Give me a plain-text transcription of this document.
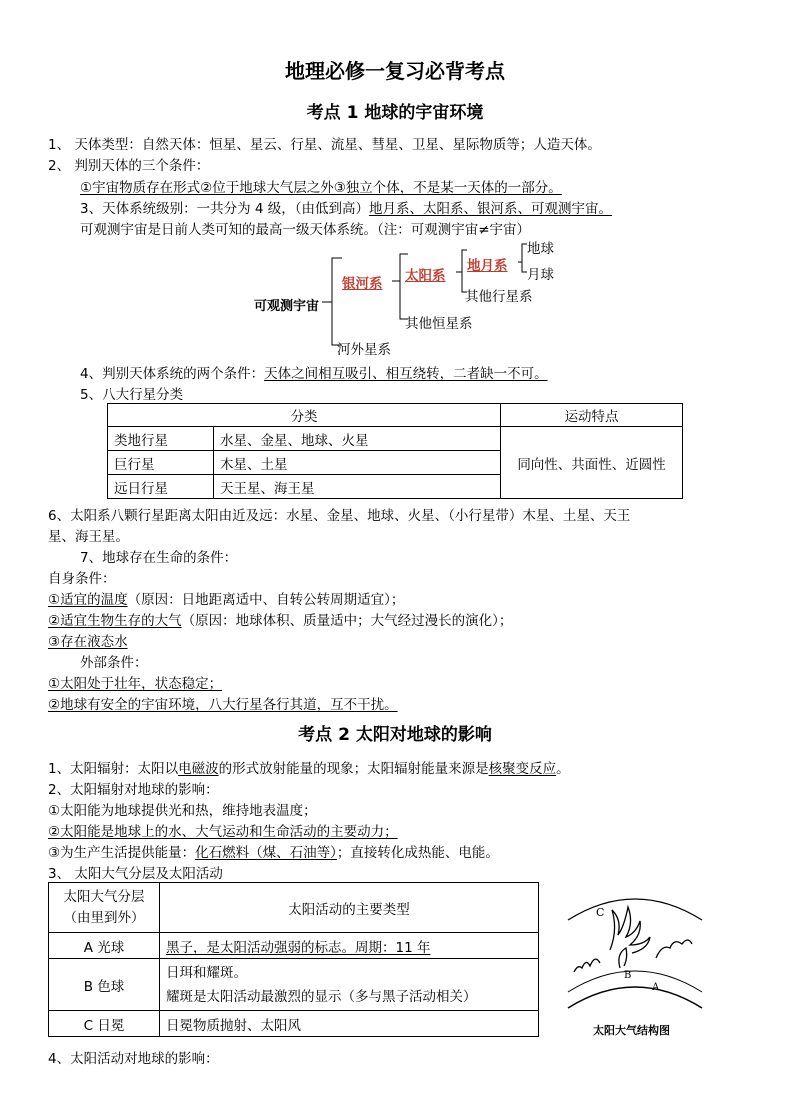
地理必修一复习必背考点
考点 1 地球的宇宙环境
1、 天体类型：自然天体：恒星、星云、行星、流星、彗星、卫星、星际物质等；人造天体。
2、 判别天体的三个条件：
①宇宙物质存在形式②位于地球大气层之外③独立个体，不是某一天体的一部分。
3、天体系统级别：一共分为 4 级，（由低到高）地月系、太阳系、银河系、可观测宇宙。
可观测宇宙是日前人类可知的最高一级天体系统。（注：可观测宇宙≠宇宙）
可观测宇宙
银河系
河外星系
太阳系
其他恒星系
地月系
其他行星系
地球
月球
4、判别天体系统的两个条件：天体之间相互吸引、相互绕转，二者缺一不可。
5、八大行星分类
分类		运动特点
类地行星	水星、金星、地球、火星	同向性、共面性、近圆性
巨行星	木星、土星	
远日行星	天王星、海王星	
6、太阳系八颗行星距离太阳由近及远：水星、金星、地球、火星、（小行星带）木星、土星、天王
星、海王星。
7、地球存在生命的条件：
自身条件：
①适宜的温度（原因：日地距离适中、自转公转周期适宜）；
②适宜生物生存的大气（原因：地球体积、质量适中；大气经过漫长的演化）；
③存在液态水
外部条件：
①太阳处于壮年，状态稳定；
②地球有安全的宇宙环境，八大行星各行其道，互不干扰。
考点 2 太阳对地球的影响
1、太阳辐射：太阳以电磁波的形式放射能量的现象；太阳辐射能量来源是核聚变反应。
2、太阳辐射对地球的影响：
①太阳能为地球提供光和热，维持地表温度；
②太阳能是地球上的水、大气运动和生命活动的主要动力；
③为生产生活提供能量：化石燃料（煤、石油等）；直接转化成热能、电能。
3、 太阳大气分层及太阳活动
太阳大气分层
（由里到外）	太阳活动的主要类型
A 光球	黑子，是太阳活动强弱的标志。周期：11 年
B 色球	日珥和耀斑。
耀斑是太阳活动最激烈的显示（多与黑子活动相关）

C 日冕	日冕物质抛射、太阳风
C
B
A
太阳大气结构图
4、太阳活动对地球的影响：
